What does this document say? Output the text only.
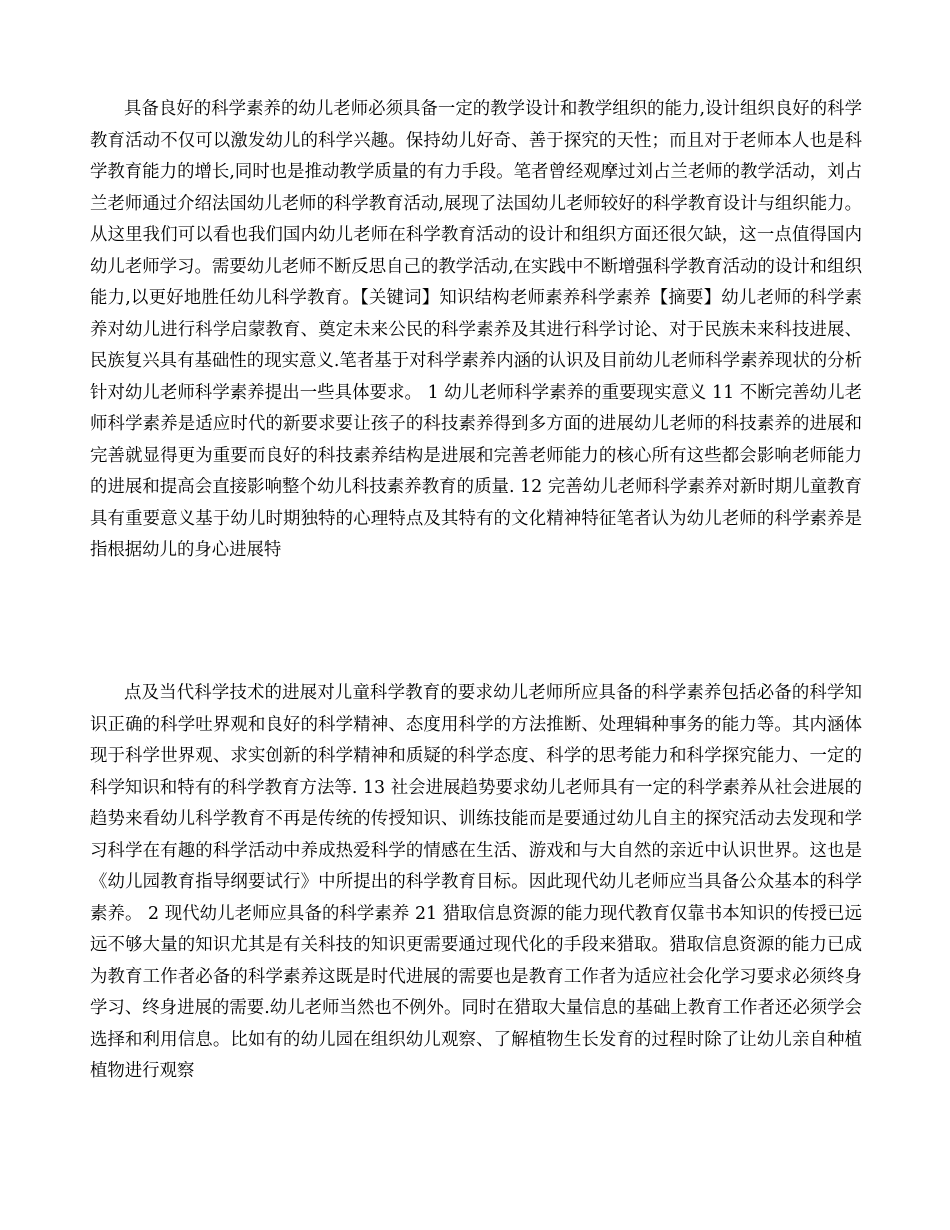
具备良好的科学素养的幼儿老师必须具备一定的教学设计和教学组织的能力,设计组织良好的科学教育活动不仅可以激发幼儿的科学兴趣。保持幼儿好奇、善于探究的天性；而且对于老师本人也是科学教育能力的增长,同时也是推动教学质量的有力手段。笔者曾经观摩过刘占兰老师的教学活动，刘占兰老师通过介绍法国幼儿老师的科学教育活动,展现了法国幼儿老师较好的科学教育设计与组织能力。从这里我们可以看也我们国内幼儿老师在科学教育活动的设计和组织方面还很欠缺，这一点值得国内幼儿老师学习。需要幼儿老师不断反思自己的教学活动,在实践中不断增强科学教育活动的设计和组织能力,以更好地胜任幼儿科学教育。【关键词】知识结构老师素养科学素养【摘要】幼儿老师的科学素养对幼儿进行科学启蒙教育、奠定未来公民的科学素养及其进行科学讨论、对于民族未来科技进展、民族复兴具有基础性的现实意义.笔者基于对科学素养内涵的认识及目前幼儿老师科学素养现状的分析针对幼儿老师科学素养提出一些具体要求。 1 幼儿老师科学素养的重要现实意义 11 不断完善幼儿老师科学素养是适应时代的新要求要让孩子的科技素养得到多方面的进展幼儿老师的科技素养的进展和完善就显得更为重要而良好的科技素养结构是进展和完善老师能力的核心所有这些都会影响老师能力的进展和提高会直接影响整个幼儿科技素养教育的质量. 12 完善幼儿老师科学素养对新时期儿童教育具有重要意义基于幼儿时期独特的心理特点及其特有的文化精神特征笔者认为幼儿老师的科学素养是指根据幼儿的身心进展特

点及当代科学技术的进展对儿童科学教育的要求幼儿老师所应具备的科学素养包括必备的科学知识正确的科学吐界观和良好的科学精神、态度用科学的方法推断、处理辑种事务的能力等。其内涵体现于科学世界观、求实创新的科学精神和质疑的科学态度、科学的思考能力和科学探究能力、一定的科学知识和特有的科学教育方法等. 13 社会进展趋势要求幼儿老师具有一定的科学素养从社会进展的趋势来看幼儿科学教育不再是传统的传授知识、训练技能而是要通过幼儿自主的探究活动去发现和学习科学在有趣的科学活动中养成热爱科学的情感在生活、游戏和与大自然的亲近中认识世界。这也是《幼儿园教育指导纲要试行》中所提出的科学教育目标。因此现代幼儿老师应当具备公众基本的科学素养。 2 现代幼儿老师应具备的科学素养 21 猎取信息资源的能力现代教育仅靠书本知识的传授已远远不够大量的知识尤其是有关科技的知识更需要通过现代化的手段来猎取。猎取信息资源的能力已成为教育工作者必备的科学素养这既是时代进展的需要也是教育工作者为适应社会化学习要求必须终身学习、终身进展的需要.幼儿老师当然也不例外。同时在猎取大量信息的基础上教育工作者还必须学会选择和利用信息。比如有的幼儿园在组织幼儿观察、了解植物生长发育的过程时除了让幼儿亲自种植植物进行观察
